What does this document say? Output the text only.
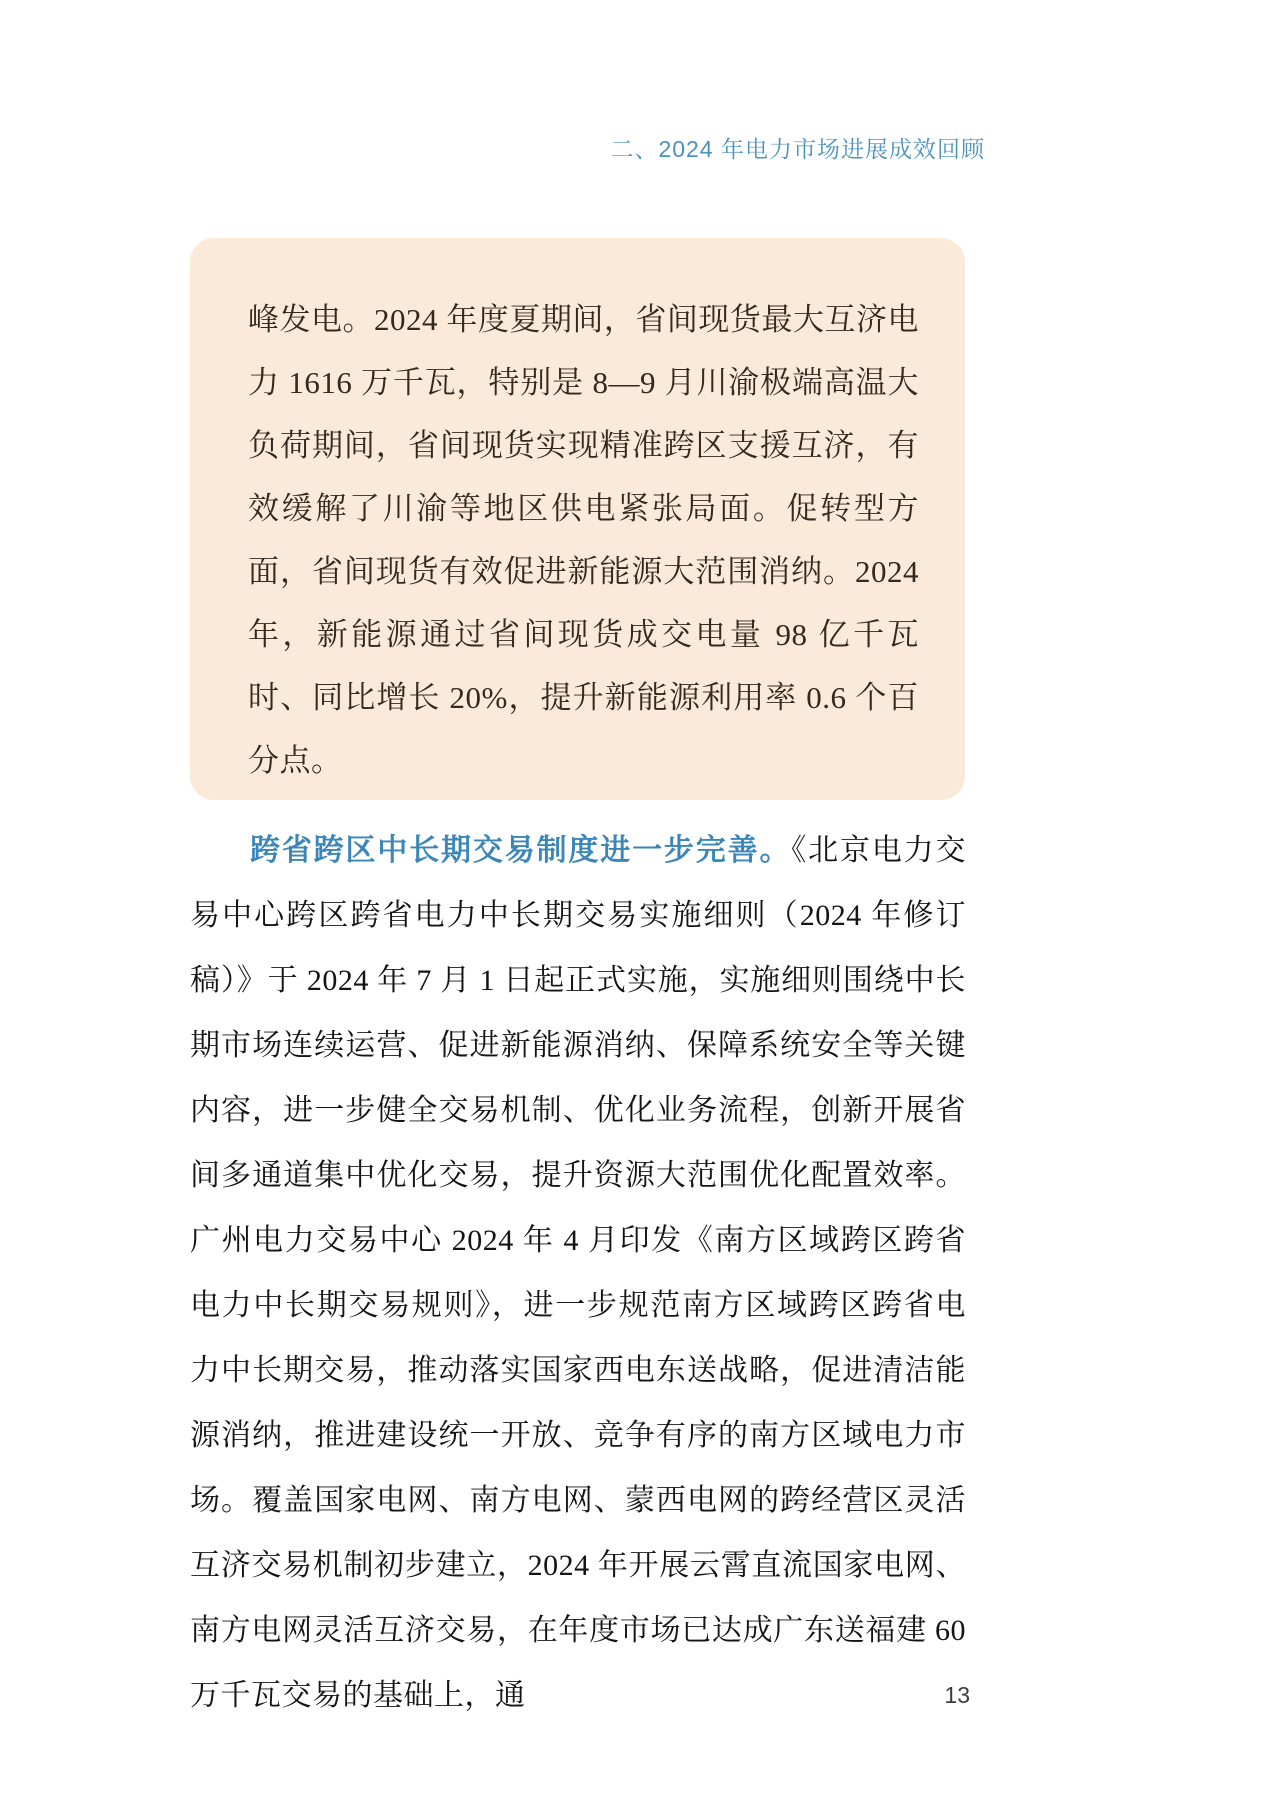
二、2024 年电力市场进展成效回顾

峰发电。2024 年度夏期间，省间现货最大互济电力 1616 万千瓦，特别是 8—9 月川渝极端高温大负荷期间，省间现货实现精准跨区支援互济，有效缓解了川渝等地区供电紧张局面。促转型方面，省间现货有效促进新能源大范围消纳。2024 年，新能源通过省间现货成交电量 98 亿千瓦时、同比增长 20%，提升新能源利用率 0.6 个百分点。

跨省跨区中长期交易制度进一步完善。《北京电力交易中心跨区跨省电力中长期交易实施细则（2024 年修订稿）》于 2024 年 7 月 1 日起正式实施，实施细则围绕中长期市场连续运营、促进新能源消纳、保障系统安全等关键内容，进一步健全交易机制、优化业务流程，创新开展省间多通道集中优化交易，提升资源大范围优化配置效率。广州电力交易中心 2024 年 4 月印发《南方区域跨区跨省电力中长期交易规则》，进一步规范南方区域跨区跨省电力中长期交易，推动落实国家西电东送战略，促进清洁能源消纳，推进建设统一开放、竞争有序的南方区域电力市场。覆盖国家电网、南方电网、蒙西电网的跨经营区灵活互济交易机制初步建立，2024 年开展云霄直流国家电网、南方电网灵活互济交易，在年度市场已达成广东送福建 60 万千瓦交易的基础上，通	13
